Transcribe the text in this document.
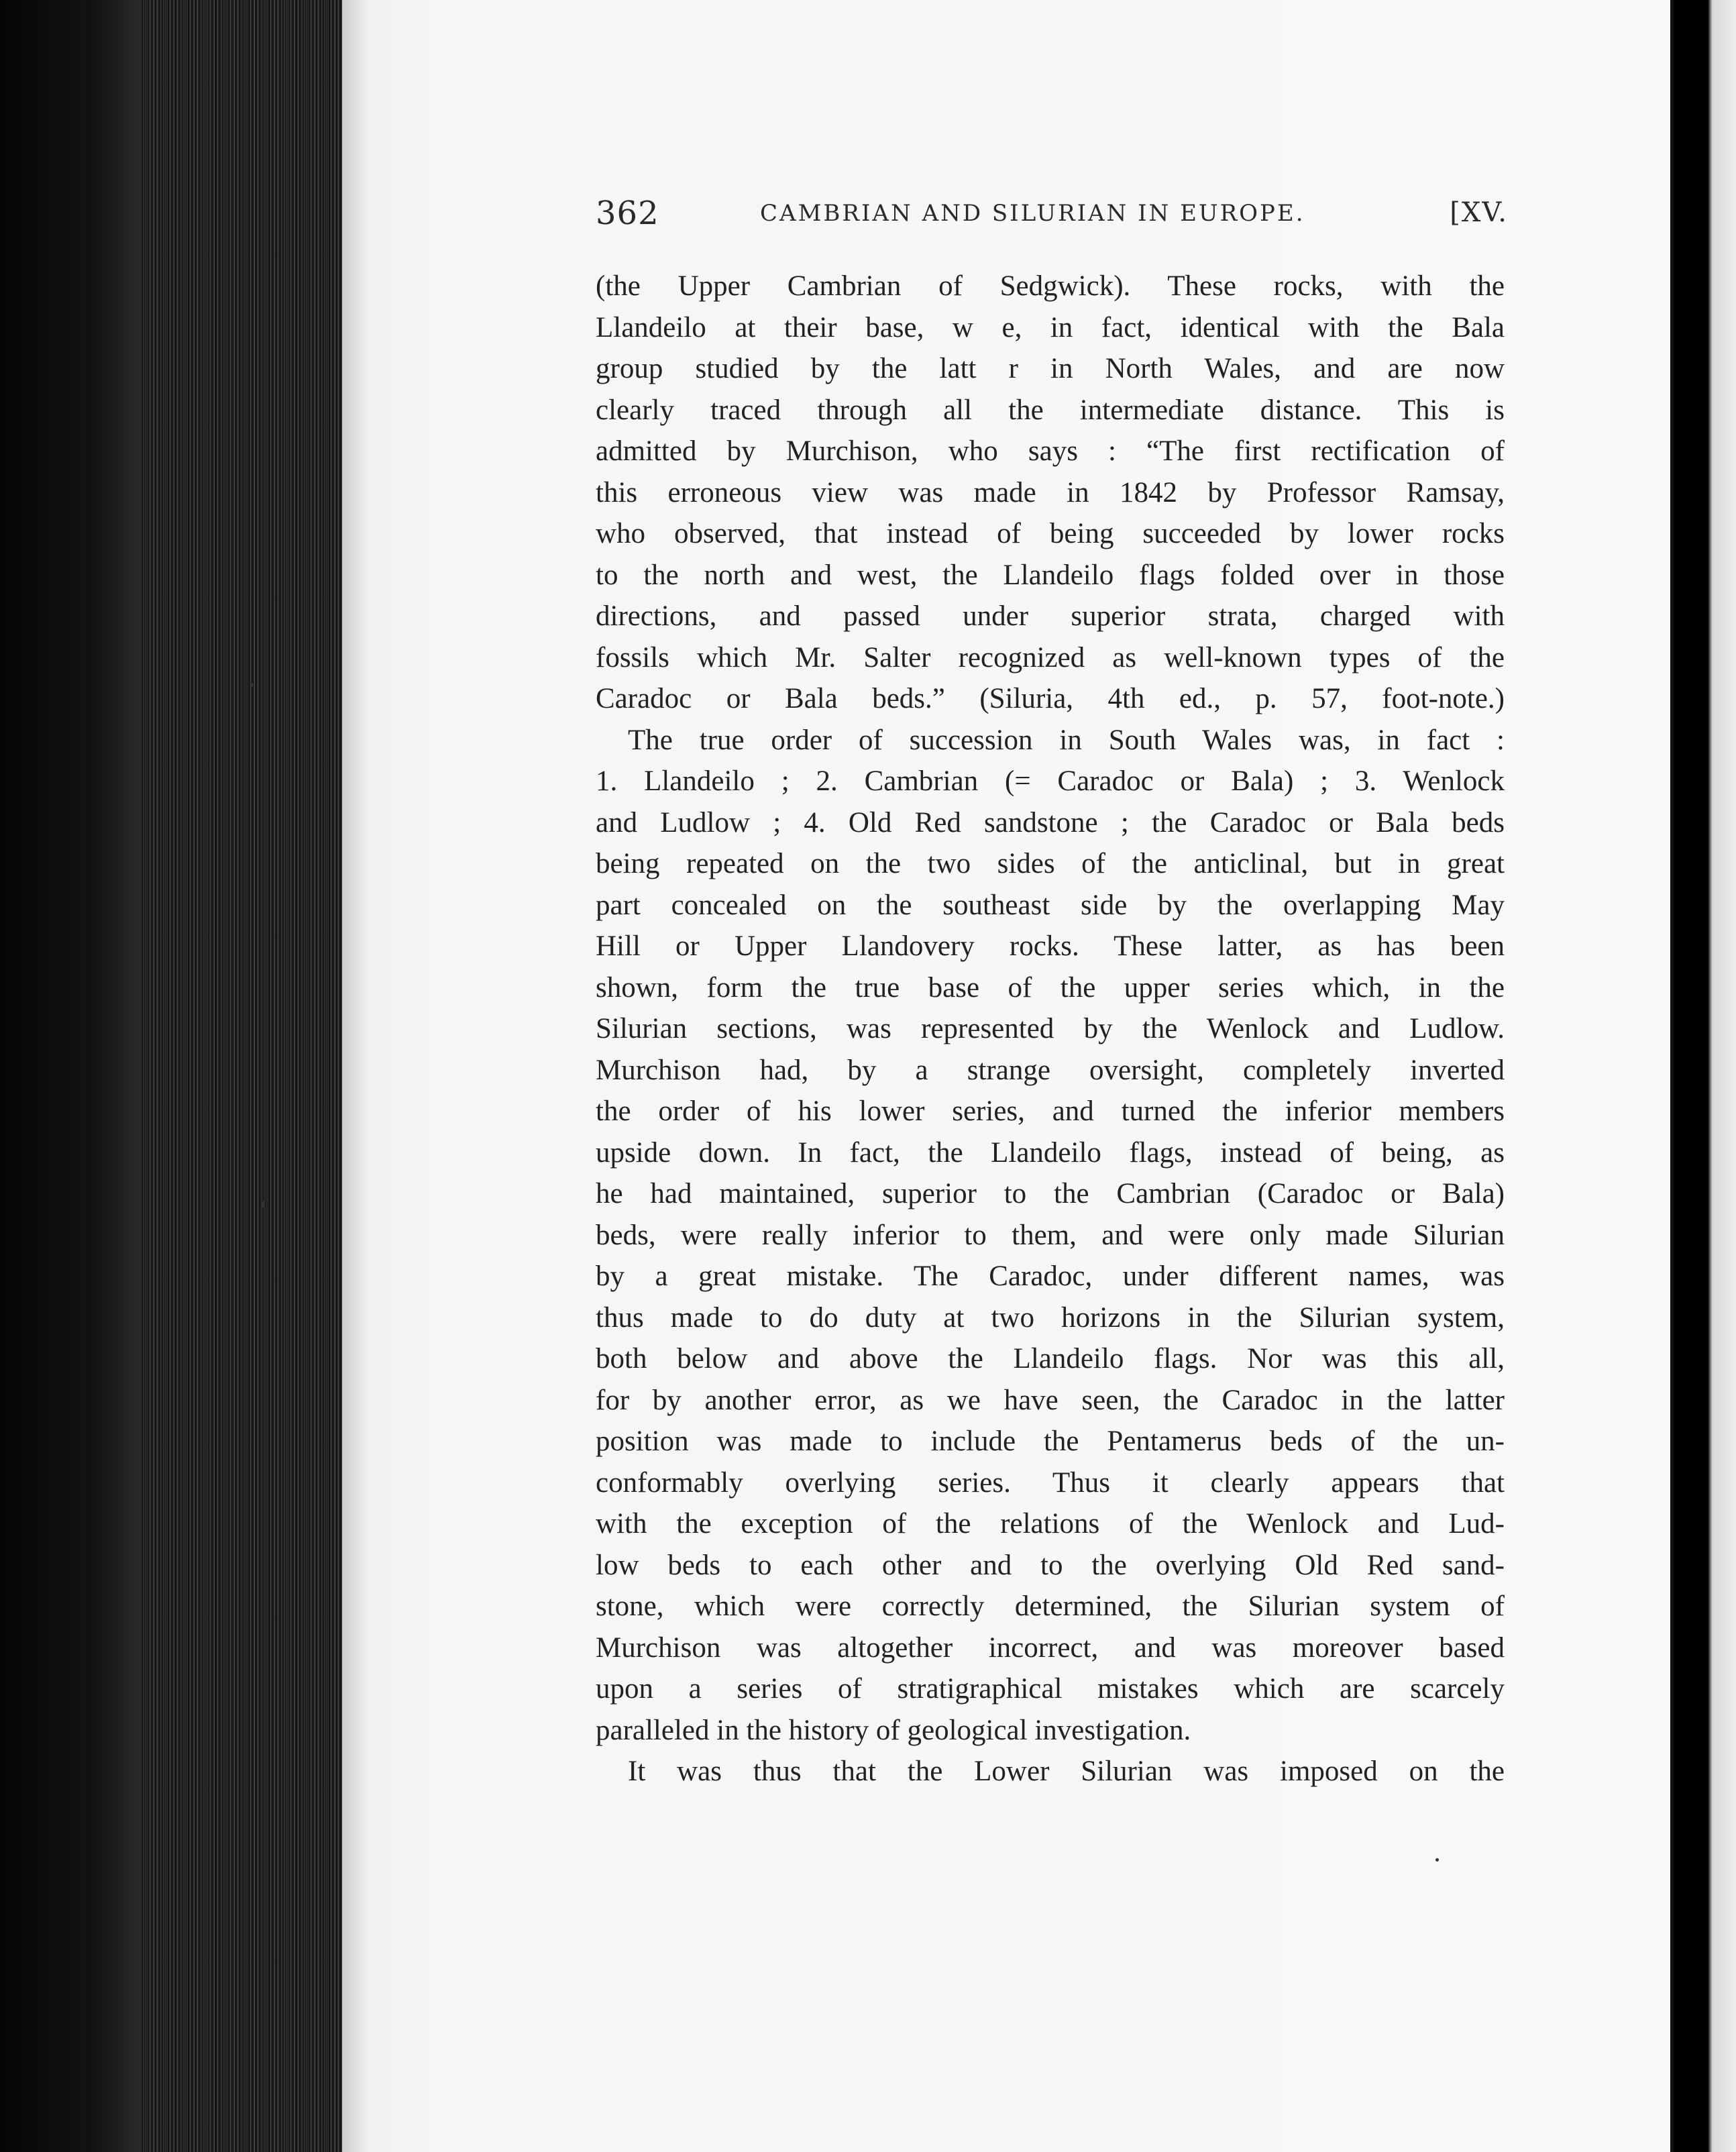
362	CAMBRIAN AND SILURIAN IN EUROPE.	[XV.
(the Upper Cambrian of Sedgwick). These rocks, with the
Llandeilo at their base, w e, in fact, identical with the Bala
group studied by the latt r in North Wales, and are now
clearly traced through all the intermediate distance. This is
admitted by Murchison, who says : “The first rectification of
this erroneous view was made in 1842 by Professor Ramsay,
who observed, that instead of being succeeded by lower rocks
to the north and west, the Llandeilo flags folded over in those
directions, and passed under superior strata, charged with
fossils which Mr. Salter recognized as well-known types of the
Caradoc or Bala beds.” (Siluria, 4th ed., p. 57, foot-note.)
The true order of succession in South Wales was, in fact :
1. Llandeilo ; 2. Cambrian (= Caradoc or Bala) ; 3. Wenlock
and Ludlow ; 4. Old Red sandstone ; the Caradoc or Bala beds
being repeated on the two sides of the anticlinal, but in great
part concealed on the southeast side by the overlapping May
Hill or Upper Llandovery rocks. These latter, as has been
shown, form the true base of the upper series which, in the
Silurian sections, was represented by the Wenlock and Ludlow.
Murchison had, by a strange oversight, completely inverted
the order of his lower series, and turned the inferior members
upside down. In fact, the Llandeilo flags, instead of being, as
he had maintained, superior to the Cambrian (Caradoc or Bala)
beds, were really inferior to them, and were only made Silurian
by a great mistake. The Caradoc, under different names, was
thus made to do duty at two horizons in the Silurian system,
both below and above the Llandeilo flags. Nor was this all,
for by another error, as we have seen, the Caradoc in the latter
position was made to include the Pentamerus beds of the un-
conformably overlying series. Thus it clearly appears that
with the exception of the relations of the Wenlock and Lud-
low beds to each other and to the overlying Old Red sand-
stone, which were correctly determined, the Silurian system of
Murchison was altogether incorrect, and was moreover based
upon a series of stratigraphical mistakes which are scarcely
paralleled in the history of geological investigation.
It was thus that the Lower Silurian was imposed on the
